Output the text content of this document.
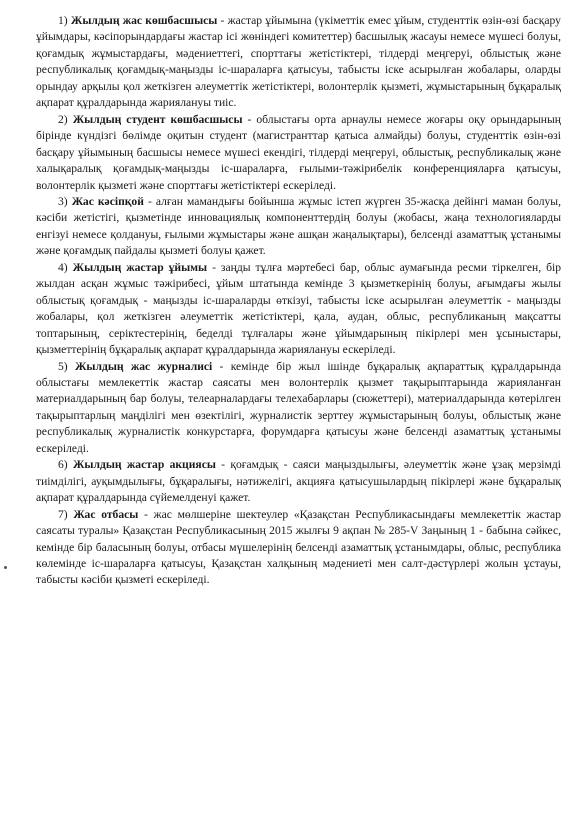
1) Жылдың жас көшбасшысы - жастар ұйымына (үкіметтік емес ұйым, студенттік өзін-өзі басқару ұйымдары, кәсіпорындардағы жастар ісі жөніндегі комитеттер) басшылық жасауы немесе мүшесі болуы, қоғамдық жұмыстардағы, мәдениеттегі, спорттағы жетістіктері, тілдерді меңгеруі, облыстық және республикалық қоғамдық-маңызды іс-шараларға қатысуы, табысты іске асырылған жобалары, оларды орындау арқылы қол жеткізген әлеуметтік жетістіктері, волонтерлік қызметі, жұмыстарының бұқаралық ақпарат құралдарында жариялануы тиіс.

2) Жылдың студент көшбасшысы - облыстағы орта арнаулы немесе жоғары оқу орындарының бірінде күндізгі бөлімде оқитын студент (магистранттар қатыса алмайды) болуы, студенттік өзін-өзі басқару ұйымының басшысы немесе мүшесі екендігі, тілдерді меңгеруі, облыстық, республикалық және халықаралық қоғамдық-маңызды іс-шараларға, ғылыми-тәжірибелік конференцияларға қатысуы, волонтерлік қызметі және спорттағы жетістіктері ескеріледі.

3) Жас кәсіпқой - алған мамандығы бойынша жұмыс істеп жүрген 35-жасқа дейінгі маман болуы, кәсіби жетістігі, қызметінде инновациялық компоненттердің болуы (жобасы, жаңа технологияларды енгізуі немесе қолдануы, ғылыми жұмыстары және ашқан жаңалықтары), белсенді азаматтық ұстанымы және қоғамдық пайдалы қызметі болуы қажет.

4) Жылдың жастар ұйымы - заңды тұлға мәртебесі бар, облыс аумағында ресми тіркелген, бір жылдан асқан жұмыс тәжірибесі, ұйым штатында кемінде 3 қызметкерінің болуы, ағымдағы жылы облыстық қоғамдық - маңызды іс-шараларды өткізуі, табысты іске асырылған әлеуметтік - маңызды жобалары, қол жеткізген әлеуметтік жетістіктері, қала, аудан, облыс, республиканың мақсатты топтарының, серіктестерінің, беделді тұлғалары және ұйымдарының пікірлері мен ұсыныстары, қызметтерінің бұқаралық ақпарат құралдарында жариялануы ескеріледі.

5) Жылдың жас журналисі - кемінде бір жыл ішінде бұқаралық ақпараттық құралдарында облыстағы мемлекеттік жастар саясаты мен волонтерлік қызмет тақырыптарында жарияланған материалдарының бар болуы, телеарналардағы телехабарлары (сюжеттері), материалдарында көтерілген тақырыптарлың маңділігі мен өзектілігі, журналистік зерттеу жұмыстарының болуы, облыстық және республикалық журналистік конкурстарға, форумдарға қатысуы және белсенді азаматтық ұстанымы ескеріледі.

6) Жылдың жастар акциясы - қоғамдық - саяси маңыздылығы, әлеуметтік және ұзақ мерзімді тиімділігі, ауқымдылығы, бұқаралығы, нәтижелігі, акцияға қатысушылардың пікірлері және бұқаралық ақпарат құралдарында сүйемелденуі қажет.

7) Жас отбасы - жас мөлшеріне шектеулер «Қазақстан Республикасындағы мемлекеттік жастар саясаты туралы» Қазақстан Республикасының 2015 жылғы 9 ақпан № 285-V Заңының 1 - бабына сәйкес, кемінде бір баласының болуы, отбасы мүшелерінің белсенді азаматтық ұстанымдары, облыс, республика көлемінде іс-шараларға қатысуы, Қазақстан халқының мәдениеті мен салт-дәстүрлері жолын ұстауы, табысты кәсіби қызметі ескеріледі.
